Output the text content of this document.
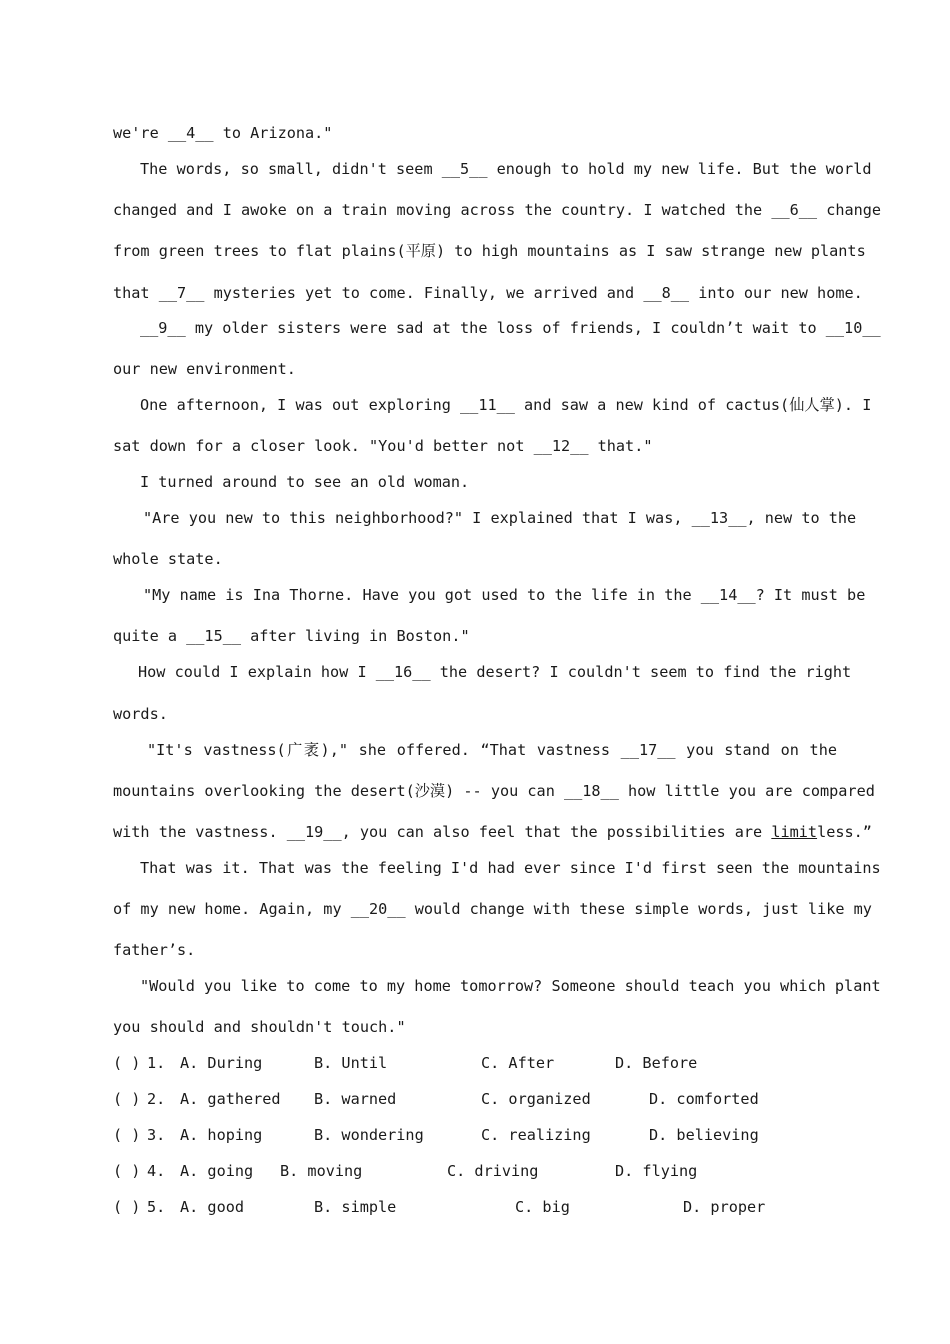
we're __4__ to Arizona."
The words, so small, didn't seem __5__ enough to hold my new life. But the world
changed and I awoke on a train moving across the country. I watched the __6__ change
from green trees to flat plains(平原) to high mountains as I saw strange new plants
that __7__ mysteries yet to come. Finally, we arrived and __8__ into our new home.
__9__ my older sisters were sad at the loss of friends, I couldn’t wait to __10__
our new environment.
One afternoon, I was out exploring __11__ and saw a new kind of cactus(仙人掌). I
sat down for a closer look. "You'd better not __12__ that."
I turned around to see an old woman.
"Are you new to this neighborhood?" I explained that I was, __13__, new to the
whole state.
"My name is Ina Thorne. Have you got used to the life in the __14__? It must be
quite a __15__ after living in Boston."
How could I explain how I __16__ the desert? I couldn't seem to find the right
words.
"It's vastness(广袤)," she offered. “That vastness __17__ you stand on the
mountains overlooking the desert(沙漠) -- you can __18__ how little you are compared
with the vastness. __19__, you can also feel that the possibilities are limitless.”
That was it. That was the feeling I'd had ever since I'd first seen the mountains
of my new home. Again, my __20__ would change with these simple words, just like my
father’s.
"Would you like to come to my home tomorrow? Someone should teach you which plant
you should and shouldn't touch."
( ) 1. A. During	B. Until	C. After	D. Before
( ) 2. A. gathered B. warned	C. organized	D. comforted
( ) 3. A. hoping	B. wondering	C. realizing	D. believing
( ) 4. A. going B. moving	C. driving	D. flying
( ) 5. A. good	B. simple	C. big	D. proper
